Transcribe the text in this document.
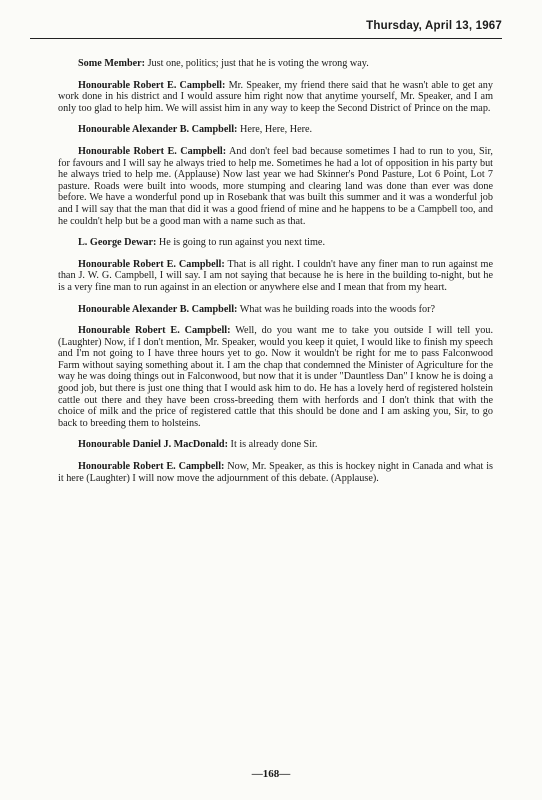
Thursday, April 13, 1967

Some Member: Just one, politics; just that he is voting the wrong way.

Honourable Robert E. Campbell: Mr. Speaker, my friend there said that he wasn't able to get any work done in his district and I would assure him right now that anytime yourself, Mr. Speaker, and I am only too glad to help him. We will assist him in any way to keep the Second District of Prince on the map.

Honourable Alexander B. Campbell: Here, Here, Here.

Honourable Robert E. Campbell: And don't feel bad because sometimes I had to run to you, Sir, for favours and I will say he always tried to help me. Sometimes he had a lot of opposition in his party but he always tried to help me. (Applause) Now last year we had Skinner's Pond Pasture, Lot 6 Point, Lot 7 pasture. Roads were built into woods, more stumping and clearing land was done than ever was done before. We have a wonderful pond up in Rosebank that was built this summer and it was a wonderful job and I will say that the man that did it was a good friend of mine and he happens to be a Campbell too, and he couldn't help but be a good man with a name such as that.

L. George Dewar: He is going to run against you next time.

Honourable Robert E. Campbell: That is all right. I couldn't have any finer man to run against me than J. W. G. Campbell, I will say. I am not saying that because he is here in the building to-night, but he is a very fine man to run against in an election or anywhere else and I mean that from my heart.

Honourable Alexander B. Campbell: What was he building roads into the woods for?

Honourable Robert E. Campbell: Well, do you want me to take you outside I will tell you. (Laughter) Now, if I don't mention, Mr. Speaker, would you keep it quiet, I would like to finish my speech and I'm not going to I have three hours yet to go. Now it wouldn't be right for me to pass Falconwood Farm without saying something about it. I am the chap that condemned the Minister of Agriculture for the way he was doing things out in Falconwood, but now that it is under "Dauntless Dan" I know he is doing a good job, but there is just one thing that I would ask him to do. He has a lovely herd of registered holstein cattle out there and they have been cross-breeding them with herfords and I don't think that with the choice of milk and the price of registered cattle that this should be done and I am asking you, Sir, to go back to breeding them to holsteins.

Honourable Daniel J. MacDonald: It is already done Sir.

Honourable Robert E. Campbell: Now, Mr. Speaker, as this is hockey night in Canada and what is it here (Laughter) I will now move the adjournment of this debate. (Applause).

—168—
